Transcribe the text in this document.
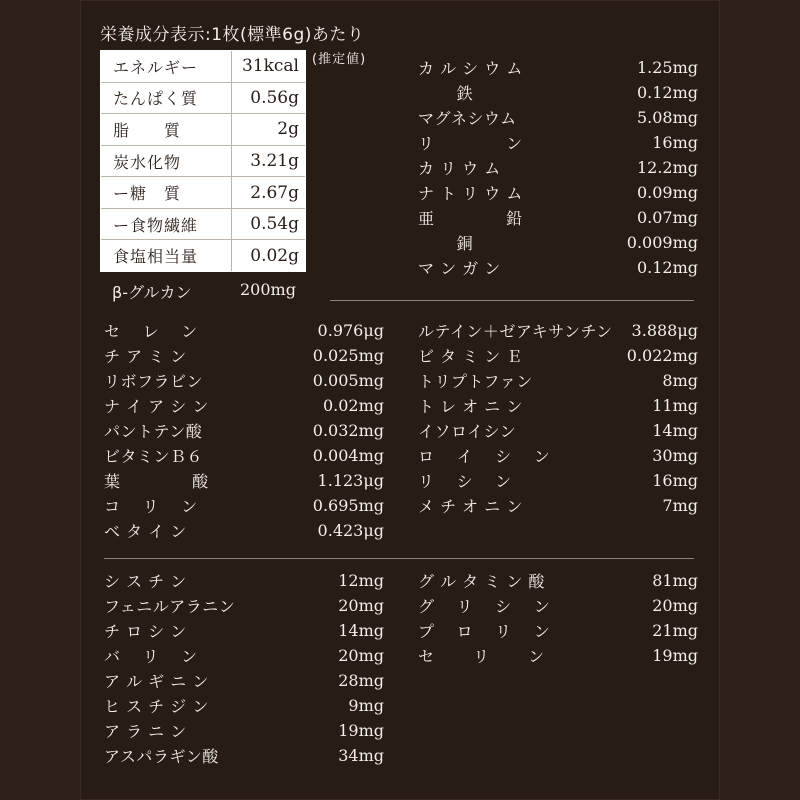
栄養成分表示:1枚(標準6g)あたり
エネルギー	31kcal
たんぱく質	0.56g
脂　　質	2g
炭水化物	3.21g
ー糖　質	2.67g
ー食物繊維	0.54g
食塩相当量	0.02g
(推定値)
β-グルカン	200mg
カ ル シ ウ ム	1.25mg
　　 鉄	0.12mg
マグネシウム	5.08mg
リ　　　　 ン	16mg
カ リ ウ ム	12.2mg
ナ ト リ ウ ム	0.09mg
亜　　　　 鉛	0.07mg
　　 銅	0.009mg
マ ン ガ ン	0.12mg
セ　 レ　 ン	0.976μg
チ ア ミ ン	0.025mg
リボフラビン	0.005mg
ナ イ ア シ ン	0.02mg
パントテン酸	0.032mg
ビタミンＢ６	0.004mg
葉　　　　 酸	1.123μg
コ　 リ　 ン	0.695mg
ベ タ イ ン	0.423μg
ルテイン＋ゼアキサンチン 3.888μg
ビ タ ミ ン Ｅ	0.022mg
トリプトファン	8mg
ト レ オ ニ ン	11mg
イソロイシン	14mg
ロ　 イ　 シ　 ン	30mg
リ　 シ　 ン	16mg
メ チ オ ニ ン	7mg
シ ス チ ン	12mg
フェニルアラニン	20mg
チ ロ シ ン	14mg
バ　 リ　 ン	20mg
ア ル ギ ニ ン	28mg
ヒ ス チ ジ ン	9mg
ア ラ ニ ン	19mg
アスパラギン酸	34mg
グ ル タ ミ ン 酸	81mg
グ　 リ　 シ　 ン	20mg
プ　 ロ　 リ　 ン	21mg
セ　　 リ　　 ン	19mg
